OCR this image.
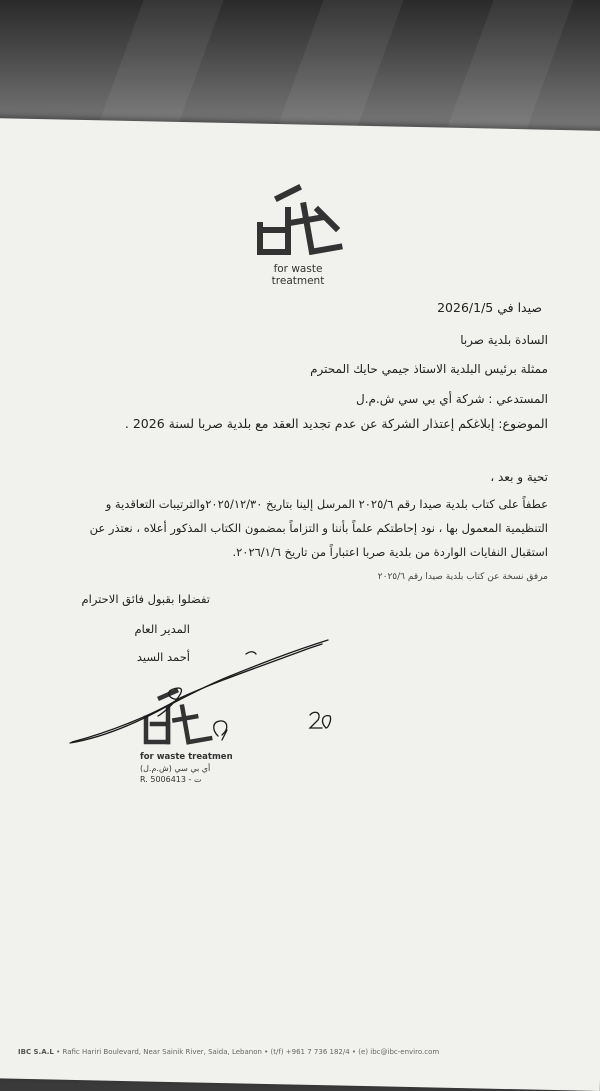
for waste treatment
صيدا في 2026/1/5
السادة بلدية صربا
ممثلة برئيس البلدية الاستاذ جيمي حايك المحترم
المستدعي : شركة أي بي سي ش.م.ل
الموضوع: إبلاغكم إعتذار الشركة عن عدم تجديد العقد مع بلدية صربا لسنة 2026 .
تحية و بعد ،
عطفاً على كتاب بلدية صيدا رقم ٢٠٢٥/٦ المرسل إلينا بتاريخ ٢٠٢٥/١٢/٣٠والترتيبات التعاقدية و
التنظيمية المعمول بها ، نود إحاطتكم علماً بأننا و التزاماً بمضمون الكتاب المذكور أعلاه ، نعتذر عن
استقبال النفايات الواردة من بلدية صربا اعتباراً من تاريخ ٢٠٢٦/١/٦.
مرفق نسخة عن كتاب بلدية صيدا رقم ٢٠٢٥/٦
تفضلوا بقبول فائق الاحترام
المدير العام
أحمد السيد
for waste treatmen
أي بي سي (ش.م.ل)
R. 5006413 - ت
IBC S.A.L • Rafic Hariri Boulevard, Near Sainik River, Saida, Lebanon • (t/f) +961 7 736 182/4 • (e) ibc@ibc-enviro.com
